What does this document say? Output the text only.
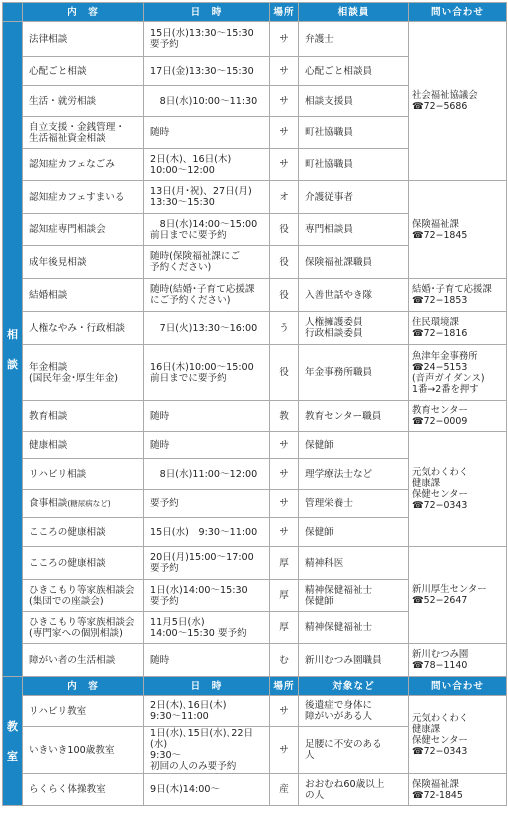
	内　容	日　時	場所	相談員	問い合わせ
相

談	法律相談	15日(水)13:30〜15:30
要予約	サ	弁護士	社会福祉協議会
☎72−5686
	心配ごと相談	17日(金)13:30〜15:30	サ	心配ごと相談員	
	生活・就労相談	　8日(水)10:00〜11:30	サ	相談支援員	
	自立支援・金銭管理・
生活福祉資金相談	随時	サ	町社協職員	
	認知症カフェなごみ	2日(木)、16日(木)
10:00〜12:00	サ	町社協職員	
	認知症カフェすまいる	13日(月･祝)、27日(月)
13:30〜15:30	オ	介護従事者	保険福祉課
☎72−1845
	認知症専門相談会	　8日(水)14:00〜15:00
前日までに要予約	役	専門相談員	
	成年後見相談	随時(保険福祉課にご
予約ください)	役	保険福祉課職員	
	結婚相談	随時(結婚･子育て応援課
にご予約ください)	役	入善世話やき隊	結婚･子育て応援課
☎72−1853
	人権なやみ・行政相談	　7日(火)13:30〜16:00	う	人権擁護委員
行政相談委員	住民環境課
☎72−1816
	年金相談
(国民年金･厚生年金)	16日(木)10:00〜15:00
前日までに要予約	役	年金事務所職員	魚津年金事務所
☎24−5153
(音声ガイダンス)
1番→2番を押す
	教育相談	随時	教	教育センター職員	教育センター
☎72−0009
	健康相談	随時	サ	保健師	元気わくわく
健康課
保健センター
☎72−0343
	リハビリ相談	　8日(水)11:00〜12:00	サ	理学療法士など	
	食事相談(糖尿病など)	要予約	サ	管理栄養士	
	こころの健康相談	15日(水)　9:30〜11:00	サ	保健師	
	こころの健康相談	20日(月)15:00〜17:00
要予約	厚	精神科医	新川厚生センター
☎52−2647
	ひきこもり等家族相談会
(集団での座談会)	1日(水)14:00〜15:30
要予約	厚	精神保健福祉士
保健師	
	ひきこもり等家族相談会
(専門家への個別相談)	11月5日(水)
14:00〜15:30 要予約	厚	精神保健福祉士	
	障がい者の生活相談	随時	む	新川むつみ園職員	新川むつみ園
☎78−1140
教

室	内　容	日　時	場所	対象など	問い合わせ
	リハビリ教室	2日(木)､16日(木)
9:30〜11:00	サ	後遺症で身体に
障がいがある人	元気わくわく
健康課
保健センター
☎72−0343
	いきいき100歳教室	1日(水)､15日(水)､22日(水)
9:30〜
初回の人のみ要予約	サ	足腰に不安のある
人	
	らくらく体操教室	9日(木)14:00〜	産	おおむね60歳以上
の人	保険福祉課
☎72-1845
